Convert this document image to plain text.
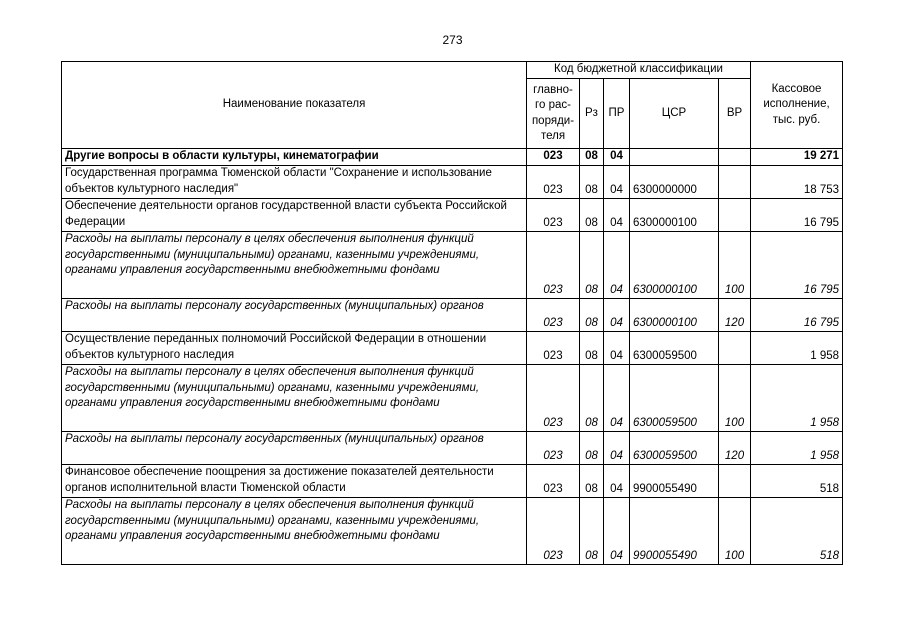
273
Наименование показателя	Код бюджетной классификации					Кассовое исполнение, тыс. руб.
	главно-го рас-поряди-теля	Рз	ПР	ЦСР	ВР	
Другие вопросы в области культуры, кинематографии	023	08	04			19 271
Государственная программа Тюменской области "Сохранение и использование объектов культурного наследия"	023	08	04	6300000000		18 753
Обеспечение деятельности органов государственной власти субъекта Российской Федерации	023	08	04	6300000100		16 795
Расходы на выплаты персоналу в целях обеспечения выполнения функций государственными (муниципальными) органами, казенными учреждениями, органами управления государственными внебюджетными фондами	023	08	04	6300000100	100	16 795
Расходы на выплаты персоналу государственных (муниципальных) органов	023	08	04	6300000100	120	16 795
Осуществление переданных полномочий Российской Федерации в отношении объектов культурного наследия	023	08	04	6300059500		1 958
Расходы на выплаты персоналу в целях обеспечения выполнения функций государственными (муниципальными) органами, казенными учреждениями, органами управления государственными внебюджетными фондами	023	08	04	6300059500	100	1 958
Расходы на выплаты персоналу государственных (муниципальных) органов	023	08	04	6300059500	120	1 958
Финансовое обеспечение поощрения за достижение показателей деятельности органов исполнительной власти Тюменской области	023	08	04	9900055490		518
Расходы на выплаты персоналу в целях обеспечения выполнения функций государственными (муниципальными) органами, казенными учреждениями, органами управления государственными внебюджетными фондами	023	08	04	9900055490	100	518
